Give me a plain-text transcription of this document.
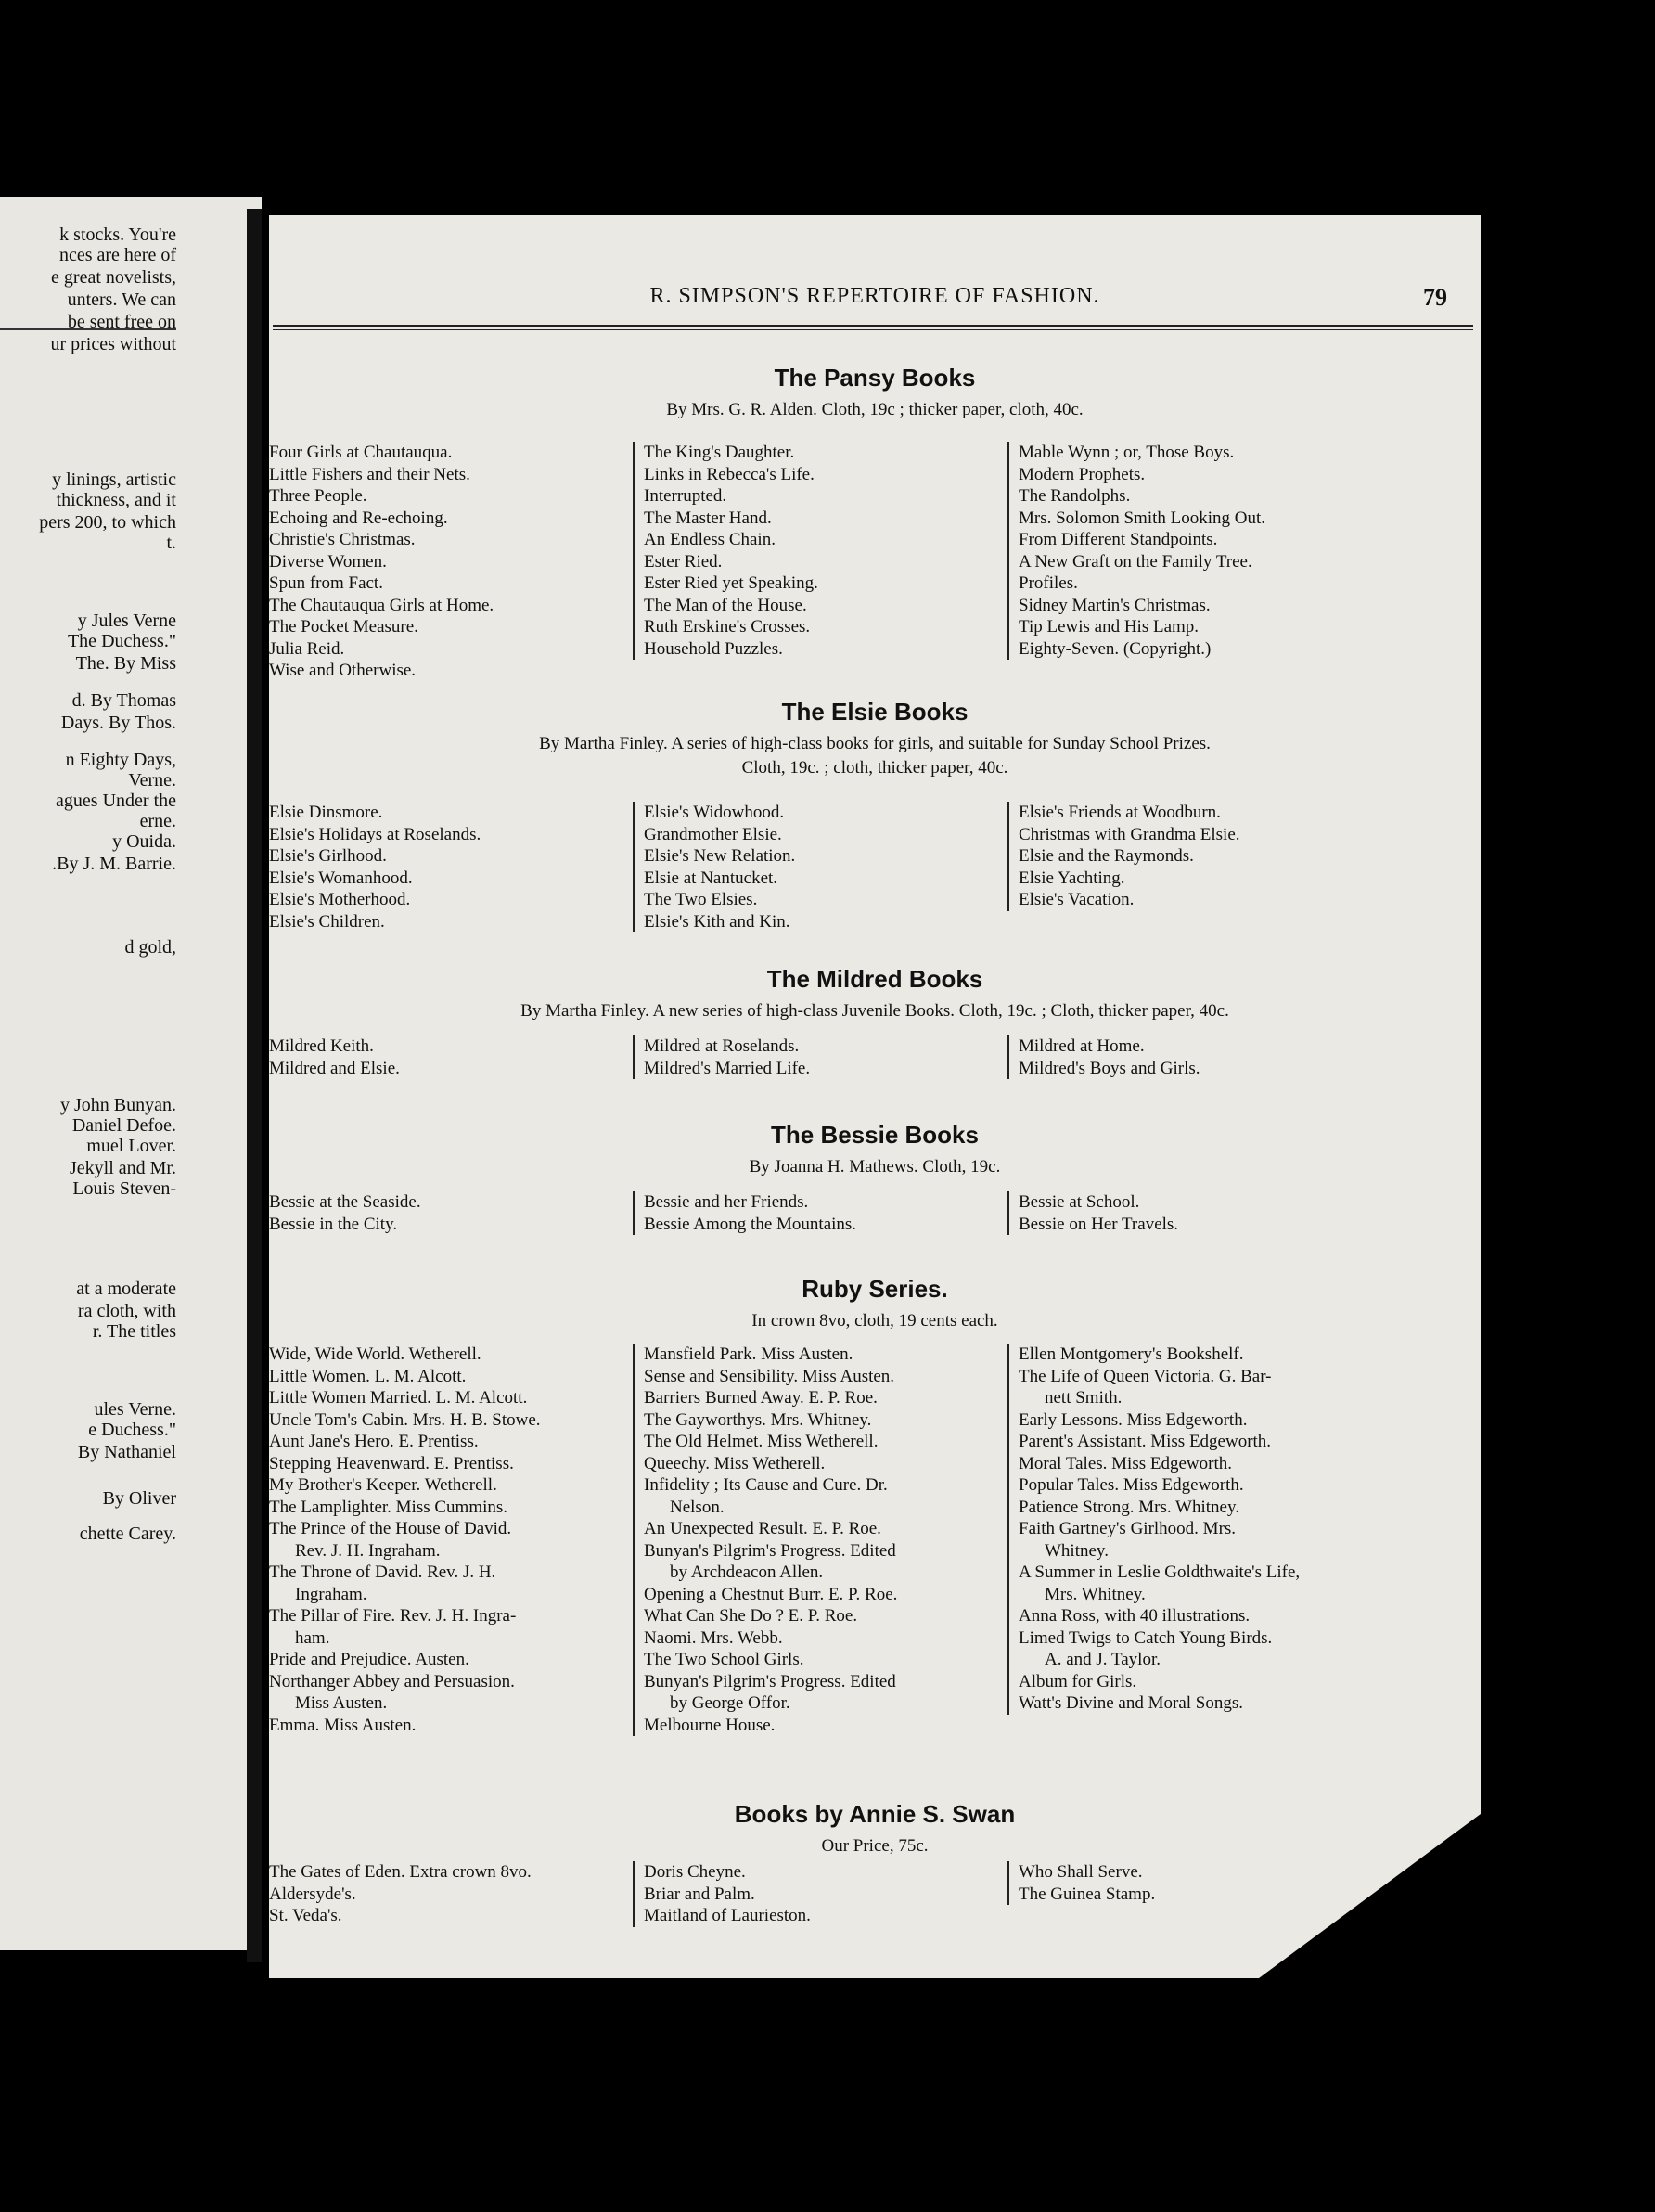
k stocks. You're
nces are here of
e great novelists,
unters. We can
be sent free on
ur prices without
y linings, artistic
thickness, and it
pers 200, to which
t.
y Jules Verne
The Duchess."
The. By Miss
d. By Thomas
Days. By Thos.
n Eighty Days,
Verne.
agues Under the
erne.
y Ouida.
.By J. M. Barrie.
d gold,
y John Bunyan.
Daniel Defoe.
muel Lover.
Jekyll and Mr.
Louis Steven-
at a moderate
ra cloth, with
r. The titles
ules Verne.
e Duchess."
By Nathaniel
By Oliver
chette Carey.
R. SIMPSON'S REPERTOIRE OF FASHION.	79
The Pansy Books
By Mrs. G. R. Alden. Cloth, 19c ; thicker paper, cloth, 40c.
Four Girls at Chautauqua.
Little Fishers and their Nets.
Three People.
Echoing and Re-echoing.
Christie's Christmas.
Diverse Women.
Spun from Fact.
The Chautauqua Girls at Home.
The Pocket Measure.
Julia Reid.
Wise and Otherwise.
The King's Daughter.
Links in Rebecca's Life.
Interrupted.
The Master Hand.
An Endless Chain.
Ester Ried.
Ester Ried yet Speaking.
The Man of the House.
Ruth Erskine's Crosses.
Household Puzzles.
Mable Wynn ; or, Those Boys.
Modern Prophets.
The Randolphs.
Mrs. Solomon Smith Looking Out.
From Different Standpoints.
A New Graft on the Family Tree.
Profiles.
Sidney Martin's Christmas.
Tip Lewis and His Lamp.
Eighty-Seven. (Copyright.)
The Elsie Books
By Martha Finley. A series of high-class books for girls, and suitable for Sunday School Prizes.
Cloth, 19c. ; cloth, thicker paper, 40c.
Elsie Dinsmore.
Elsie's Holidays at Roselands.
Elsie's Girlhood.
Elsie's Womanhood.
Elsie's Motherhood.
Elsie's Children.
Elsie's Widowhood.
Grandmother Elsie.
Elsie's New Relation.
Elsie at Nantucket.
The Two Elsies.
Elsie's Kith and Kin.
Elsie's Friends at Woodburn.
Christmas with Grandma Elsie.
Elsie and the Raymonds.
Elsie Yachting.
Elsie's Vacation.
The Mildred Books
By Martha Finley. A new series of high-class Juvenile Books. Cloth, 19c. ; Cloth, thicker paper, 40c.
Mildred Keith.
Mildred and Elsie.
Mildred at Roselands.
Mildred's Married Life.
Mildred at Home.
Mildred's Boys and Girls.
The Bessie Books
By Joanna H. Mathews. Cloth, 19c.
Bessie at the Seaside.
Bessie in the City.
Bessie and her Friends.
Bessie Among the Mountains.
Bessie at School.
Bessie on Her Travels.
Ruby Series.
In crown 8vo, cloth, 19 cents each.
Wide, Wide World. Wetherell.
Little Women. L. M. Alcott.
Little Women Married. L. M. Alcott.
Uncle Tom's Cabin. Mrs. H. B. Stowe.
Aunt Jane's Hero. E. Prentiss.
Stepping Heavenward. E. Prentiss.
My Brother's Keeper. Wetherell.
The Lamplighter. Miss Cummins.
The Prince of the House of David.
Rev. J. H. Ingraham.
The Throne of David. Rev. J. H.
Ingraham.
The Pillar of Fire. Rev. J. H. Ingra-
ham.
Pride and Prejudice. Austen.
Northanger Abbey and Persuasion.
Miss Austen.
Emma. Miss Austen.
Mansfield Park. Miss Austen.
Sense and Sensibility. Miss Austen.
Barriers Burned Away. E. P. Roe.
The Gayworthys. Mrs. Whitney.
The Old Helmet. Miss Wetherell.
Queechy. Miss Wetherell.
Infidelity ; Its Cause and Cure. Dr.
Nelson.
An Unexpected Result. E. P. Roe.
Bunyan's Pilgrim's Progress. Edited
by Archdeacon Allen.
Opening a Chestnut Burr. E. P. Roe.
What Can She Do ? E. P. Roe.
Naomi. Mrs. Webb.
The Two School Girls.
Bunyan's Pilgrim's Progress. Edited
by George Offor.
Melbourne House.
Ellen Montgomery's Bookshelf.
The Life of Queen Victoria. G. Bar-
nett Smith.
Early Lessons. Miss Edgeworth.
Parent's Assistant. Miss Edgeworth.
Moral Tales. Miss Edgeworth.
Popular Tales. Miss Edgeworth.
Patience Strong. Mrs. Whitney.
Faith Gartney's Girlhood. Mrs.
Whitney.
A Summer in Leslie Goldthwaite's Life,
Mrs. Whitney.
Anna Ross, with 40 illustrations.
Limed Twigs to Catch Young Birds.
A. and J. Taylor.
Album for Girls.
Watt's Divine and Moral Songs.
Books by Annie S. Swan
Our Price, 75c.
The Gates of Eden. Extra crown 8vo.
Aldersyde's.
St. Veda's.
Doris Cheyne.
Briar and Palm.
Maitland of Laurieston.
Who Shall Serve.
The Guinea Stamp.
